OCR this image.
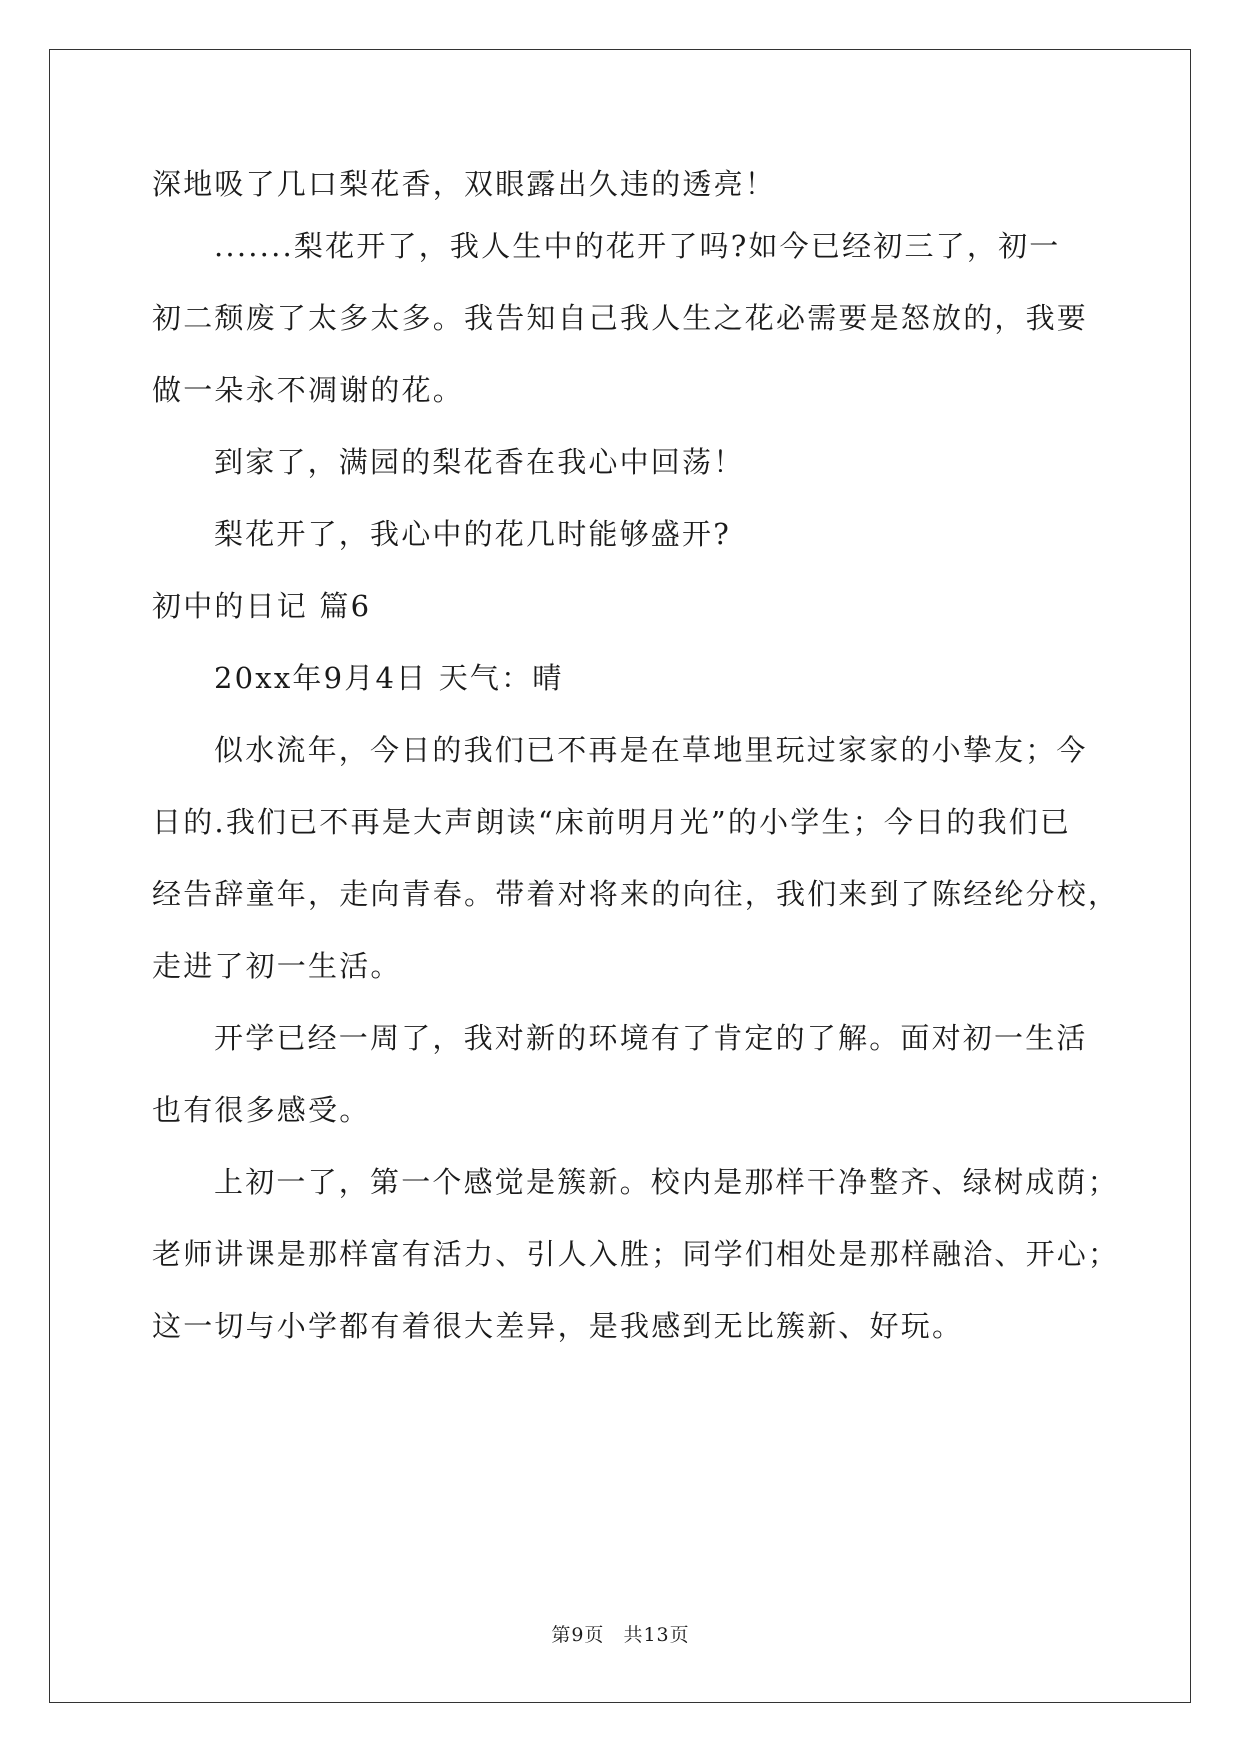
深地吸了几口梨花香，双眼露出久违的透亮！
.......梨花开了，我人生中的花开了吗?如今已经初三了，初一
初二颓废了太多太多。我告知自己我人生之花必需要是怒放的，我要
做一朵永不凋谢的花。
到家了，满园的梨花香在我心中回荡！
梨花开了，我心中的花几时能够盛开?
初中的日记 篇6
20xx年9月4日 天气：晴
似水流年，今日的我们已不再是在草地里玩过家家的小挚友；今
日的.我们已不再是大声朗读“床前明月光”的小学生；今日的我们已
经告辞童年，走向青春。带着对将来的向往，我们来到了陈经纶分校，
走进了初一生活。
开学已经一周了，我对新的环境有了肯定的了解。面对初一生活
也有很多感受。
上初一了，第一个感觉是簇新。校内是那样干净整齐、绿树成荫；
老师讲课是那样富有活力、引人入胜；同学们相处是那样融洽、开心；
这一切与小学都有着很大差异，是我感到无比簇新、好玩。
第9页 共13页
